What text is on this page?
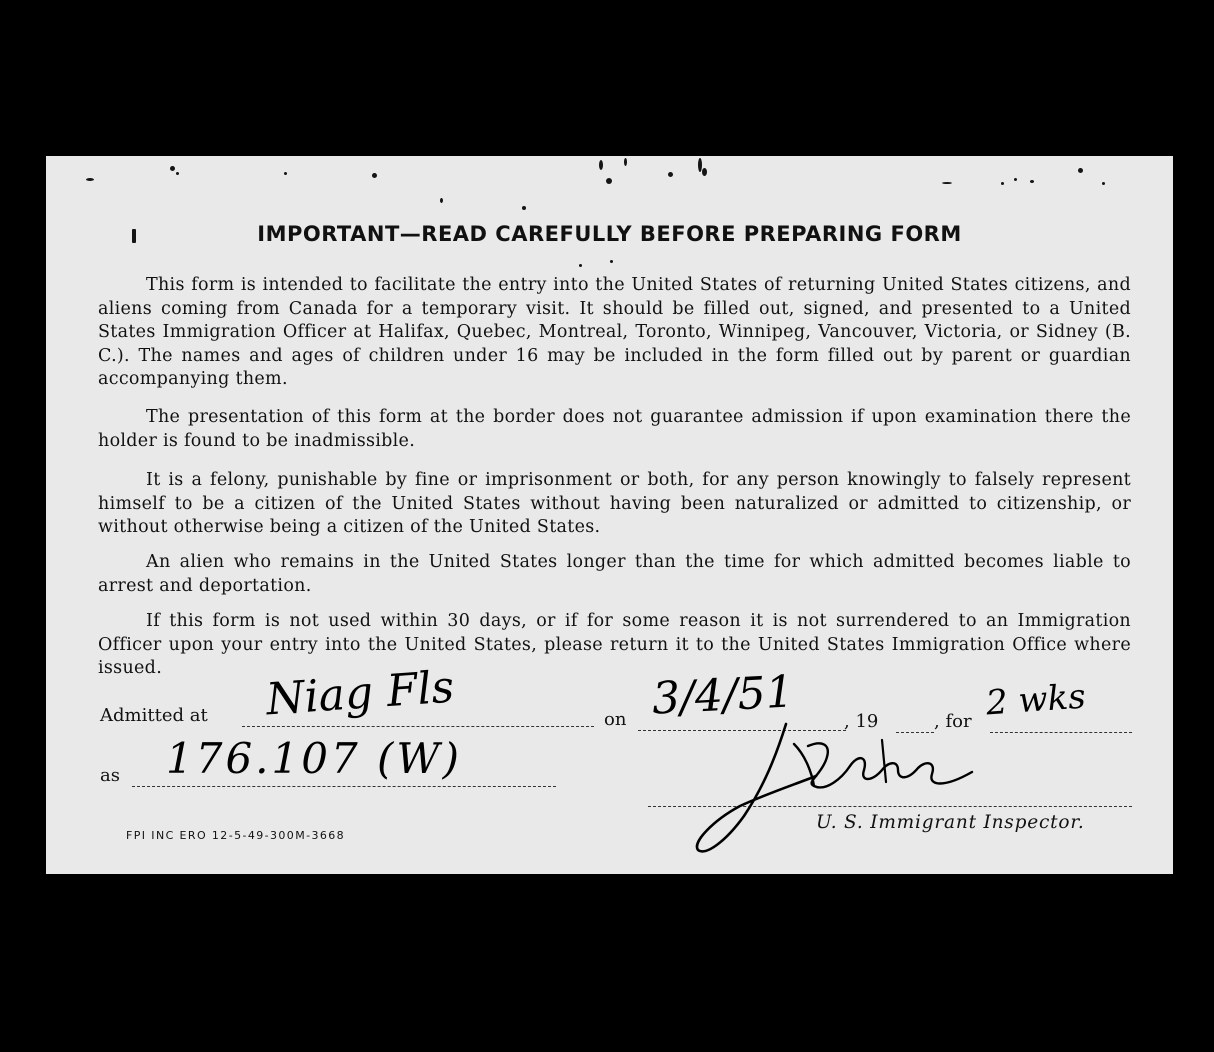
IMPORTANT—READ CAREFULLY BEFORE PREPARING FORM
This form is intended to facilitate the entry into the United States of returning United States citizens, and aliens coming from Canada for a temporary visit. It should be filled out, signed, and presented to a United States Immigration Officer at Halifax, Quebec, Montreal, Toronto, Winnipeg, Vancouver, Victoria, or Sidney (B. C.). The names and ages of children under 16 may be included in the form filled out by parent or guardian accompanying them.
The presentation of this form at the border does not guarantee admission if upon examination there the holder is found to be inadmissible.
It is a felony, punishable by fine or imprisonment or both, for any person knowingly to falsely represent himself to be a citizen of the United States without having been naturalized or admitted to citizenship, or without otherwise being a citizen of the United States.
An alien who remains in the United States longer than the time for which admitted becomes liable to arrest and deportation.
If this form is not used within 30 days, or if for some reason it is not surrendered to an Immigration Officer upon your entry into the United States, please return it to the United States Immigration Office where issued.
Admitted at Niag Fls	on 3/4/51	, 19	, for 2 wks
as 176.107 (W)
FPI INC ERO 12-5-49-300M-3668
U. S. Immigrant Inspector.
